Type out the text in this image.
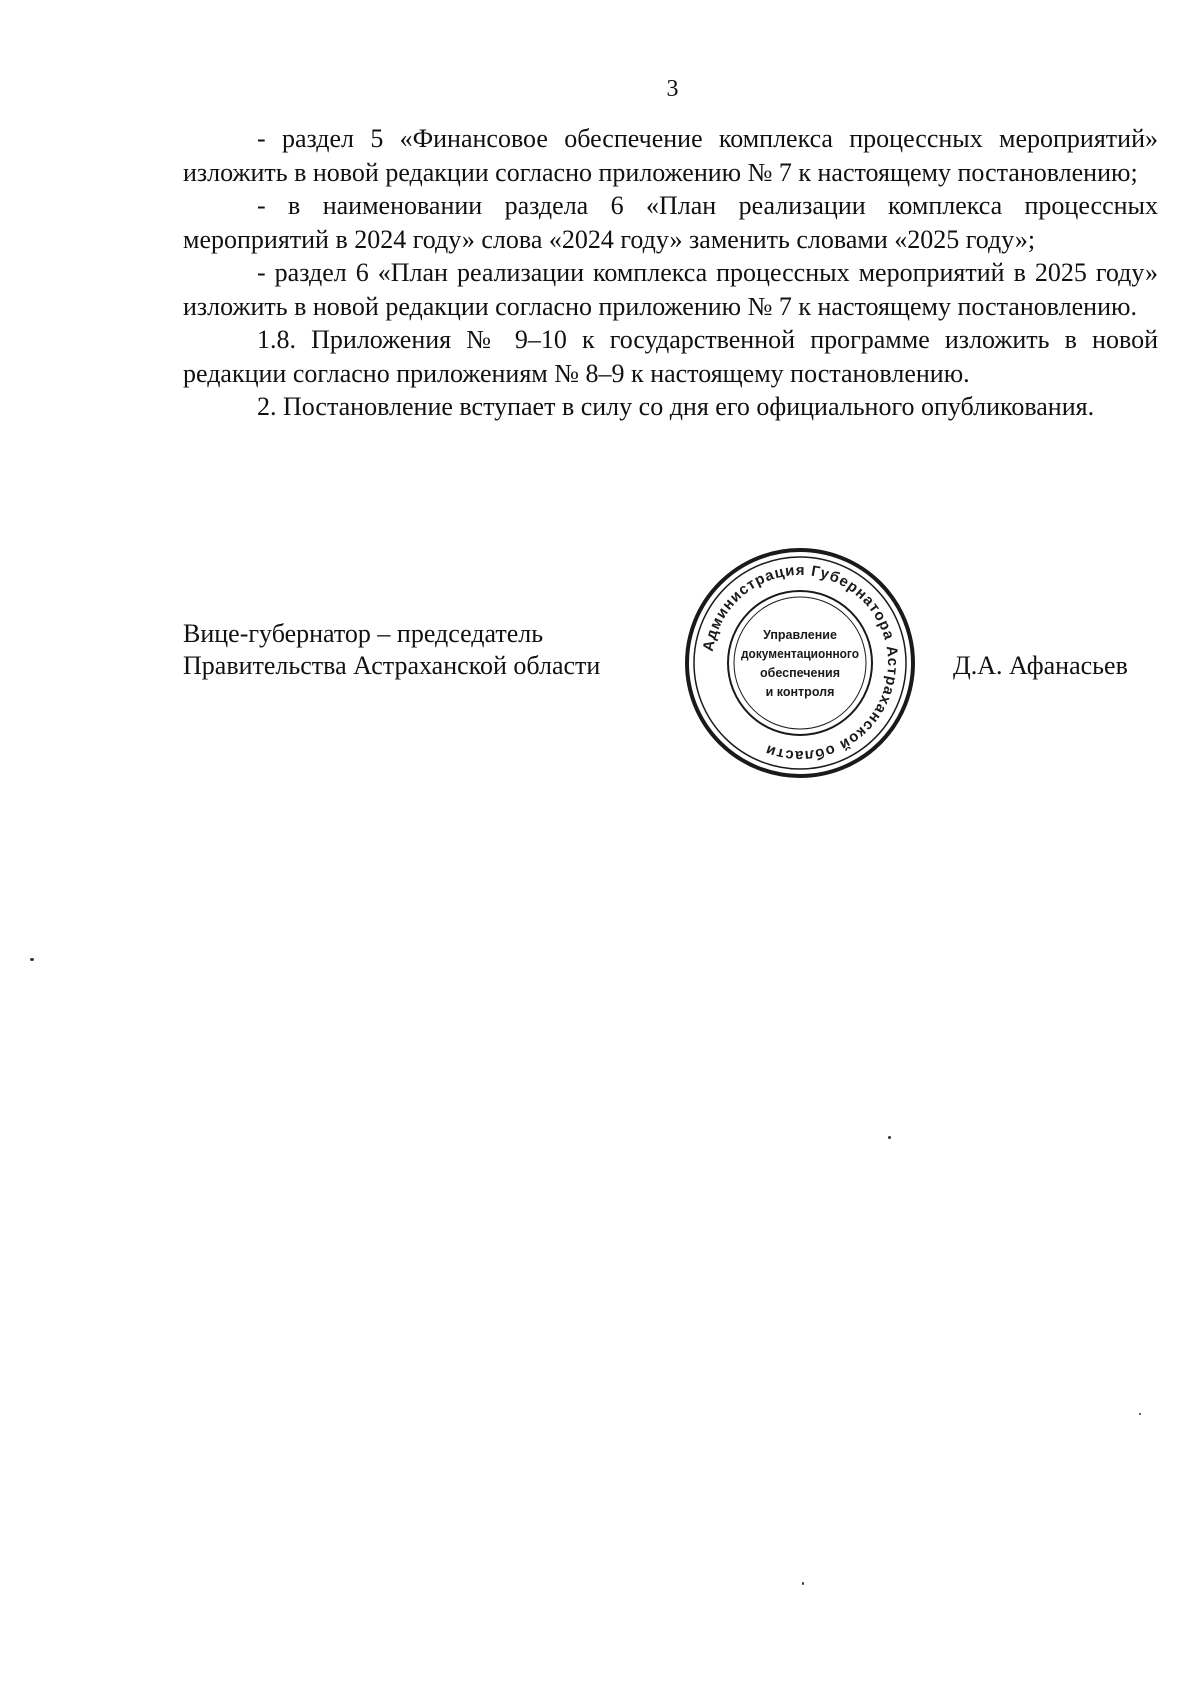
3

- раздел 5 «Финансовое обеспечение комплекса процессных мероприятий» изложить в новой редакции согласно приложению № 7 к настоящему постановлению;

- в наименовании раздела 6 «План реализации комплекса процессных мероприятий в 2024 году» слова «2024 году» заменить словами «2025 году»;

- раздел 6 «План реализации комплекса процессных мероприятий в 2025 году» изложить в новой редакции согласно приложению № 7 к настоящему постановлению.

1.8. Приложения № 9–10 к государственной программе изложить в новой редакции согласно приложениям № 8–9 к настоящему постановлению.

2. Постановление вступает в силу со дня его официального опубликования.

Вице-губернатор – председатель
Правительства Астраханской области
Администрация Губернатора Астраханской области
Управление
документационного
обеспечения
и контроля
Д.А. Афанасьев
